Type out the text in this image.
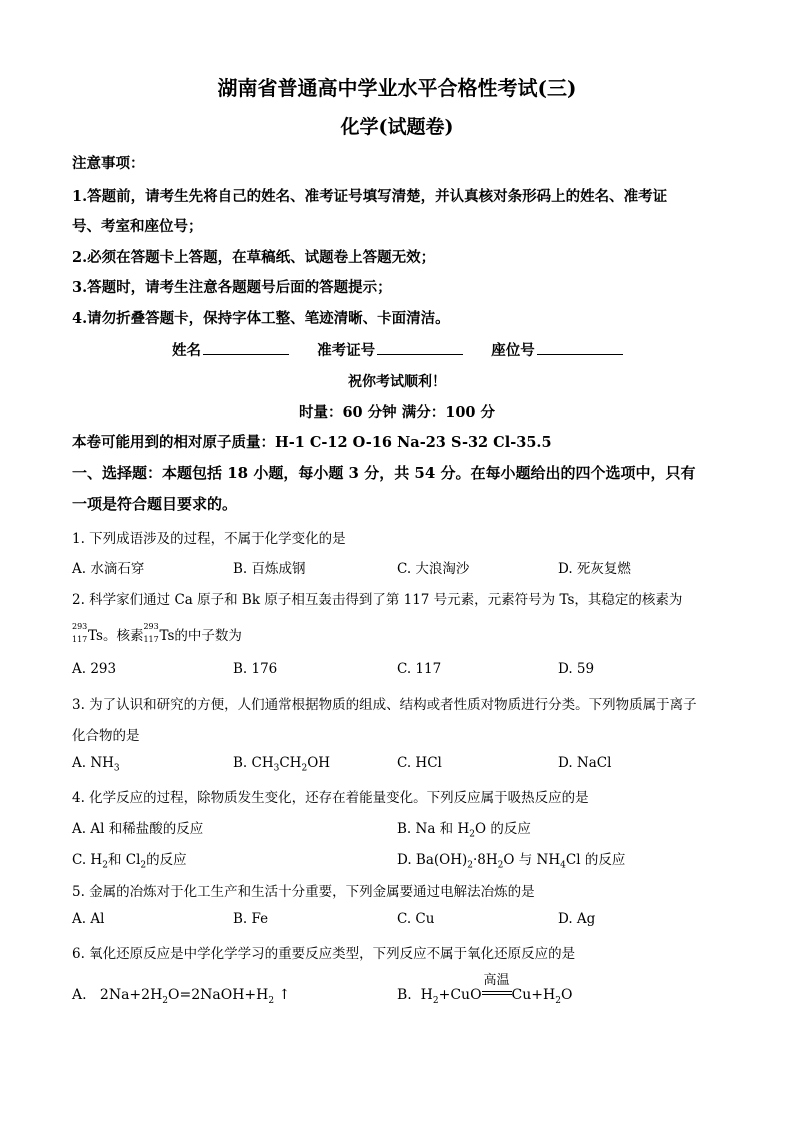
湖南省普通高中学业水平合格性考试(三)
化学(试题卷)
注意事项：
1.答题前，请考生先将自己的姓名、准考证号填写清楚，并认真核对条形码上的姓名、准考证
号、考室和座位号；
2.必须在答题卡上答题，在草稿纸、试题卷上答题无效；
3.答题时，请考生注意各题题号后面的答题提示；
4.请勿折叠答题卡，保持字体工整、笔迹清晰、卡面清洁。
姓名	准考证号	座位号
祝你考试顺利！
时量：60 分钟 满分：100 分
本卷可能用到的相对原子质量：H-1 C-12 O-16 Na-23 S-32 Cl-35.5
一、选择题：本题包括 18 小题，每小题 3 分，共 54 分。在每小题给出的四个选项中，只有
一项是符合题目要求的。
1. 下列成语涉及的过程，不属于化学变化的是
A. 水滴石穿	B. 百炼成钢	C. 大浪淘沙	D. 死灰复燃
2. 科学家们通过 Ca 原子和 Bk 原子相互轰击得到了第 117 号元素，元素符号为 Ts，其稳定的核素为
293
117 Ts。核素
293
117 Ts的中子数为
A. 293	B. 176	C. 117	D. 59
3. 为了认识和研究的方便，人们通常根据物质的组成、结构或者性质对物质进行分类。下列物质属于离子
化合物的是
A. $NH_3$	B. $CH_3CH_2OH$	C. HCl	D. NaCl
4. 化学反应的过程，除物质发生变化，还存在着能量变化。下列反应属于吸热反应的是
A. Al 和稀盐酸的反应	B. Na 和 $H_2O$ 的反应
C. $H_2$和 $Cl_2$的反应	D. $Ba(OH)_2\cdot 8H_2O$ 与 $NH_4Cl$ 的反应
5. 金属的冶炼对于化工生产和生活十分重要，下列金属要通过电解法冶炼的是
A. Al	B. Fe	C. Cu	D. Ag
6. 氧化还原反应是中学化学学习的重要反应类型，下列反应不属于氧化还原反应的是
A. $2Na+2H_2O=2NaOH+H_2$ ↑	B. $H_2+CuO$
高温
$Cu+H_2O$
